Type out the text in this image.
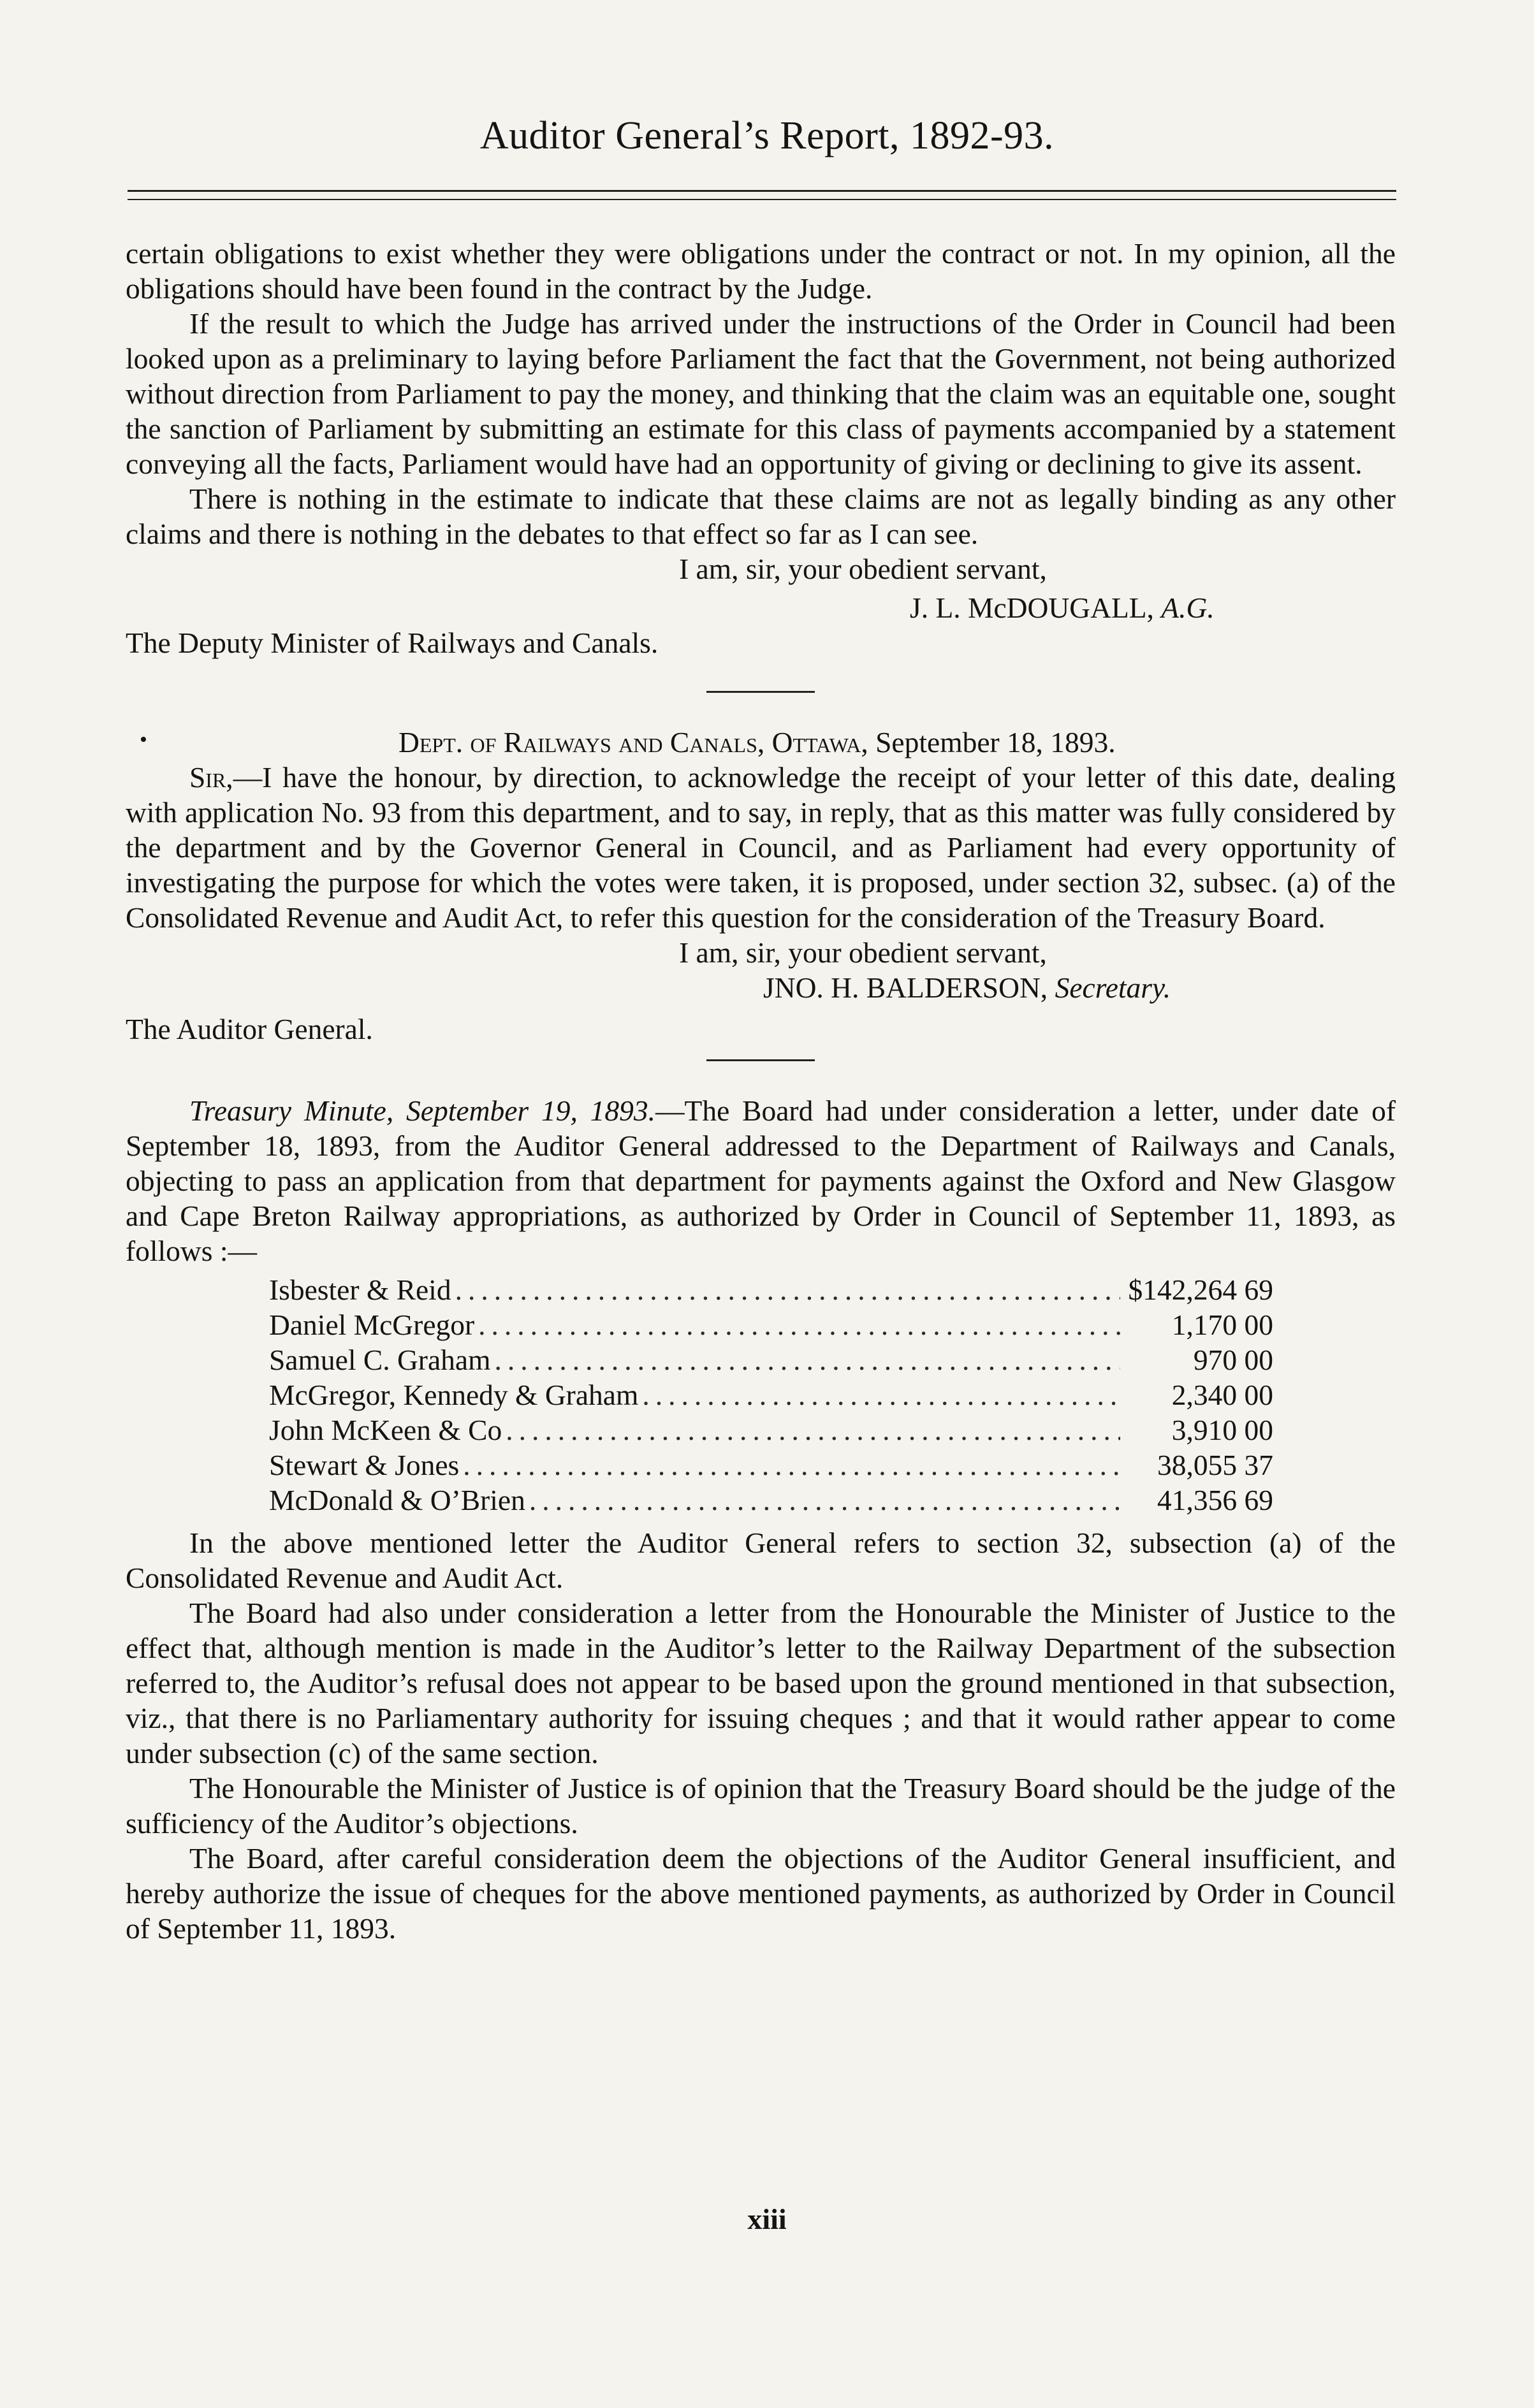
Auditor General’s Report, 1892-93.

certain obligations to exist whether they were obligations under the contract or not. In my opinion, all the obligations should have been found in the contract by the Judge.

If the result to which the Judge has arrived under the instructions of the Order in Council had been looked upon as a preliminary to laying before Parliament the fact that the Government, not being authorized without direction from Parliament to pay the money, and thinking that the claim was an equitable one, sought the sanction of Parliament by submitting an estimate for this class of payments accompanied by a statement conveying all the facts, Parliament would have had an opportunity of giving or declining to give its assent.

There is nothing in the estimate to indicate that these claims are not as legally binding as any other claims and there is nothing in the debates to that effect so far as I can see.

I am, sir, your obedient servant,

J. L. McDOUGALL, A.G.

The Deputy Minister of Railways and Canals.

•	Dept. of Railways and Canals, Ottawa, September 18, 1893.

Sir,—I have the honour, by direction, to acknowledge the receipt of your letter of this date, dealing with application No. 93 from this department, and to say, in reply, that as this matter was fully considered by the department and by the Governor General in Council, and as Parliament had every opportunity of investigating the purpose for which the votes were taken, it is proposed, under section 32, subsec. (a) of the Consolidated Revenue and Audit Act, to refer this question for the consideration of the Treasury Board.

I am, sir, your obedient servant,

JNO. H. BALDERSON, Secretary.

The Auditor General.

Treasury Minute, September 19, 1893.—The Board had under consideration a letter, under date of September 18, 1893, from the Auditor General addressed to the Department of Railways and Canals, objecting to pass an application from that department for payments against the Oxford and New Glasgow and Cape Breton Railway appropriations, as authorized by Order in Council of September 11, 1893, as follows :—

Isbester & Reid .....	$142,264 69
Daniel McGregor .....	1,170 00
Samuel C. Graham .....	970 00
McGregor, Kennedy & Graham .....	2,340 00
John McKeen & Co .....	3,910 00
Stewart & Jones .....	38,055 37
McDonald & O’Brien .....	41,356 69

In the above mentioned letter the Auditor General refers to section 32, subsection (a) of the Consolidated Revenue and Audit Act.

The Board had also under consideration a letter from the Honourable the Minister of Justice to the effect that, although mention is made in the Auditor’s letter to the Railway Department of the subsection referred to, the Auditor’s refusal does not appear to be based upon the ground mentioned in that subsection, viz., that there is no Parliamentary authority for issuing cheques ; and that it would rather appear to come under subsection (c) of the same section.

The Honourable the Minister of Justice is of opinion that the Treasury Board should be the judge of the sufficiency of the Auditor’s objections.

The Board, after careful consideration deem the objections of the Auditor General insufficient, and hereby authorize the issue of cheques for the above mentioned payments, as authorized by Order in Council of September 11, 1893.

xiii
